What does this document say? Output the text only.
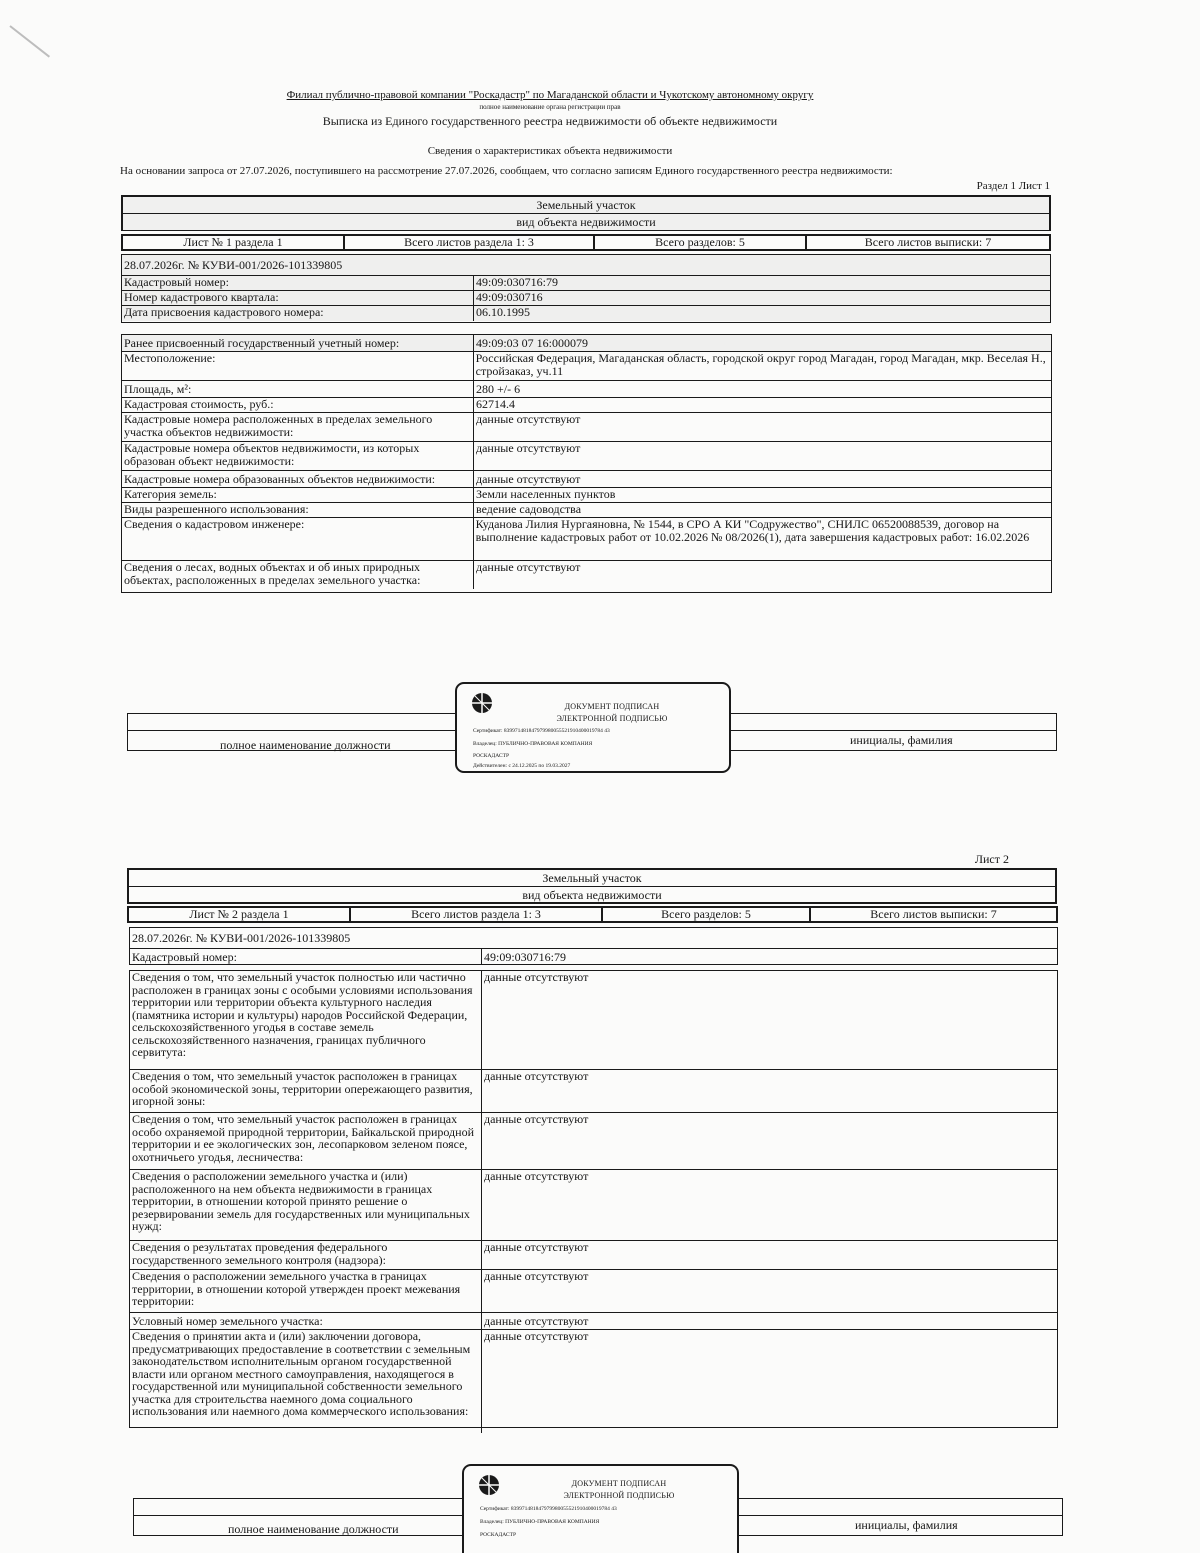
Филиал публично-правовой компании "Роскадастр" по Магаданской области и Чукотскому автономному округу
полное наименование органа регистрации прав
Выписка из Единого государственного реестра недвижимости об объекте недвижимости
Сведения о характеристиках объекта недвижимости
На основании запроса от 27.07.2026, поступившего на рассмотрение 27.07.2026, сообщаем, что согласно записям Единого государственного реестра недвижимости:
Раздел 1 Лист 1
Земельный участок
вид объекта недвижимости
Лист № 1 раздела 1	Всего листов раздела 1: 3	Всего разделов: 5	Всего листов выписки: 7
28.07.2026г. № КУВИ-001/2026-101339805
Кадастровый номер:	49:09:030716:79
Номер кадастрового квартала:	49:09:030716
Дата присвоения кадастрового номера:	06.10.1995
Ранее присвоенный государственный учетный номер:	49:09:03 07 16:000079
Местоположение:	Российская Федерация, Магаданская область, городской округ город Магадан, город Магадан, мкр. Веселая Н., стройзаказ, уч.11
Площадь, м²:	280 +/- 6
Кадастровая стоимость, руб.:	62714.4
Кадастровые номера расположенных в пределах земельного участка объектов недвижимости:
данные отсутствуют
Кадастровые номера объектов недвижимости, из которых образован объект недвижимости:
данные отсутствуют
Кадастровые номера образованных объектов недвижимости:	данные отсутствуют
Категория земель:	Земли населенных пунктов
Виды разрешенного использования:	ведение садоводства
Сведения о кадастровом инженере:	Куданова Лилия Нургаяновна, № 1544, в СРО А КИ "Содружество", СНИЛС 06520088539, договор на выполнение кадастровых работ от 10.02.2026 № 08/2026(1), дата завершения кадастровых работ: 16.02.2026
Сведения о лесах, водных объектах и об иных природных объектах, расположенных в пределах земельного участка:
данные отсутствуют
полное наименование должности	инициалы, фамилия
ДОКУМЕНТ ПОДПИСАН
ЭЛЕКТРОННОЙ ПОДПИСЬЮ
Сертификат: 839971481847979980055521910400019784 43
Владелец: ПУБЛИЧНО-ПРАВОВАЯ КОМПАНИЯ
РОСКАДАСТР
Действителен: с 24.12.2025 по 19.03.2027
Лист 2
Земельный участок
вид объекта недвижимости
Лист № 2 раздела 1	Всего листов раздела 1: 3	Всего разделов: 5	Всего листов выписки: 7
28.07.2026г. № КУВИ-001/2026-101339805
Кадастровый номер:	49:09:030716:79
Сведения о том, что земельный участок полностью или частично расположен в границах зоны с особыми условиями использования территории или территории объекта культурного наследия (памятника истории и культуры) народов Российской Федерации, сельскохозяйственного угодья в составе земель сельскохозяйственного назначения, границах публичного сервитута:
данные отсутствуют
Сведения о том, что земельный участок расположен в границах особой экономической зоны, территории опережающего развития, игорной зоны:
данные отсутствуют
Сведения о том, что земельный участок расположен в границах особо охраняемой природной территории, Байкальской природной территории и ее экологических зон, лесопарковом зеленом поясе, охотничьего угодья, лесничества:
данные отсутствуют
Сведения о расположении земельного участка и (или) расположенного на нем объекта недвижимости в границах территории, в отношении которой принято решение о резервировании земель для государственных или муниципальных нужд:
данные отсутствуют
Сведения о результатах проведения федерального государственного земельного контроля (надзора):
данные отсутствуют
Сведения о расположении земельного участка в границах территории, в отношении которой утвержден проект межевания территории:
данные отсутствуют
Условный номер земельного участка:	данные отсутствуют
Сведения о принятии акта и (или) заключении договора, предусматривающих предоставление в соответствии с земельным законодательством исполнительным органом государственной власти или органом местного самоуправления, находящегося в государственной или муниципальной собственности земельного участка для строительства наемного дома социального использования или наемного дома коммерческого использования:
данные отсутствуют
полное наименование должности	инициалы, фамилия
ДОКУМЕНТ ПОДПИСАН
ЭЛЕКТРОННОЙ ПОДПИСЬЮ
Сертификат: 839971481847979980055521910400019784 43
Владелец: ПУБЛИЧНО-ПРАВОВАЯ КОМПАНИЯ
РОСКАДАСТР
